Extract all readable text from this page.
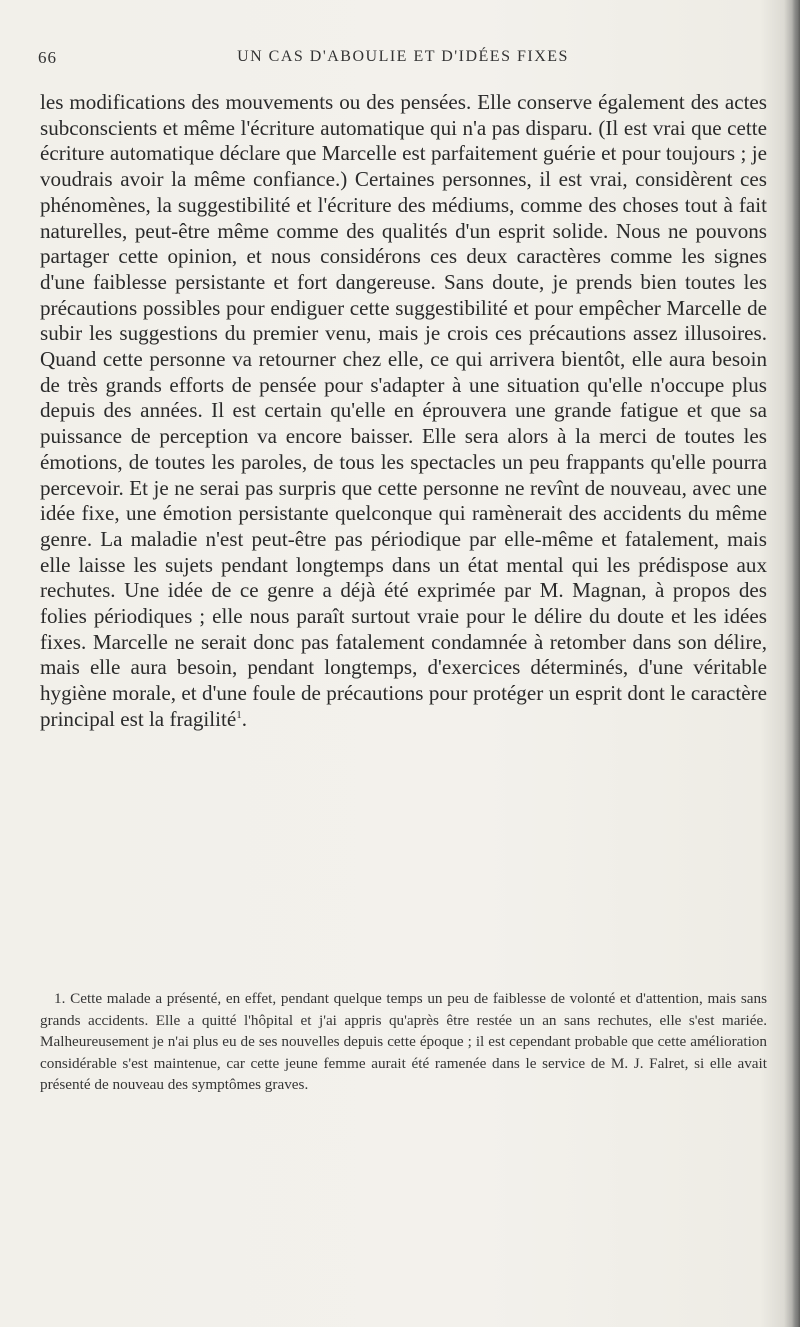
66	UN CAS D'ABOULIE ET D'IDÉES FIXES

les modifications des mouvements ou des pensées. Elle conserve également des actes subconscients et même l'écriture automatique qui n'a pas disparu. (Il est vrai que cette écriture automatique déclare que Marcelle est parfaitement guérie et pour toujours ; je voudrais avoir la même confiance.) Certaines personnes, il est vrai, considèrent ces phénomènes, la suggestibilité et l'écriture des médiums, comme des choses tout à fait naturelles, peut-être même comme des qualités d'un esprit solide. Nous ne pouvons partager cette opinion, et nous considérons ces deux caractères comme les signes d'une faiblesse persistante et fort dangereuse. Sans doute, je prends bien toutes les précautions possibles pour endiguer cette suggestibilité et pour empêcher Marcelle de subir les suggestions du premier venu, mais je crois ces précautions assez illusoires. Quand cette personne va retourner chez elle, ce qui arrivera bientôt, elle aura besoin de très grands efforts de pensée pour s'adapter à une situation qu'elle n'occupe plus depuis des années. Il est certain qu'elle en éprouvera une grande fatigue et que sa puissance de perception va encore baisser. Elle sera alors à la merci de toutes les émotions, de toutes les paroles, de tous les spectacles un peu frappants qu'elle pourra percevoir. Et je ne serai pas surpris que cette personne ne revînt de nouveau, avec une idée fixe, une émotion persistante quelconque qui ramènerait des accidents du même genre. La maladie n'est peut-être pas périodique par elle-même et fatalement, mais elle laisse les sujets pendant longtemps dans un état mental qui les prédispose aux rechutes. Une idée de ce genre a déjà été exprimée par M. Magnan, à propos des folies périodiques ; elle nous paraît surtout vraie pour le délire du doute et les idées fixes. Marcelle ne serait donc pas fatalement condamnée à retomber dans son délire, mais elle aura besoin, pendant longtemps, d'exercices déterminés, d'une véritable hygiène morale, et d'une foule de précautions pour protéger un esprit dont le caractère principal est la fragilité$^1$.

1. Cette malade a présenté, en effet, pendant quelque temps un peu de faiblesse de volonté et d'attention, mais sans grands accidents. Elle a quitté l'hôpital et j'ai appris qu'après être restée un an sans rechutes, elle s'est mariée. Malheureusement je n'ai plus eu de ses nouvelles depuis cette époque ; il est cependant probable que cette amélioration considérable s'est maintenue, car cette jeune femme aurait été ramenée dans le service de M. J. Falret, si elle avait présenté de nouveau des symptômes graves.
